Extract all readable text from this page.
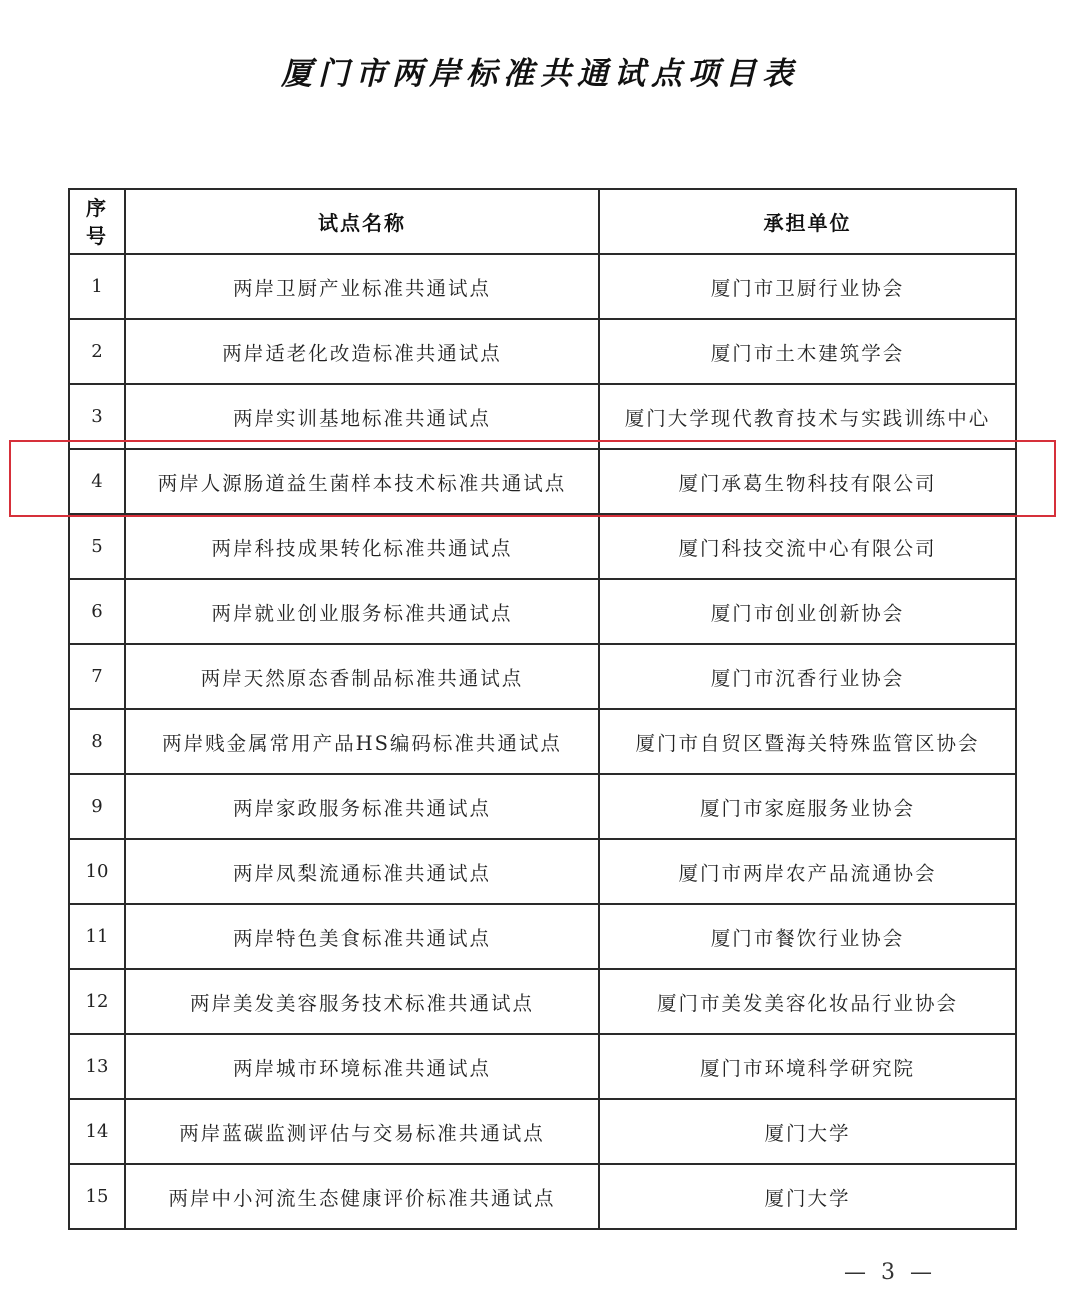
厦门市两岸标准共通试点项目表
序
号	试点名称	承担单位
1	两岸卫厨产业标准共通试点	厦门市卫厨行业协会
2	两岸适老化改造标准共通试点	厦门市土木建筑学会
3	两岸实训基地标准共通试点	厦门大学现代教育技术与实践训练中心
4	两岸人源肠道益生菌样本技术标准共通试点	厦门承葛生物科技有限公司
5	两岸科技成果转化标准共通试点	厦门科技交流中心有限公司
6	两岸就业创业服务标准共通试点	厦门市创业创新协会
7	两岸天然原态香制品标准共通试点	厦门市沉香行业协会
8	两岸贱金属常用产品HS编码标准共通试点	厦门市自贸区暨海关特殊监管区协会
9	两岸家政服务标准共通试点	厦门市家庭服务业协会
10	两岸凤梨流通标准共通试点	厦门市两岸农产品流通协会
11	两岸特色美食标准共通试点	厦门市餐饮行业协会
12	两岸美发美容服务技术标准共通试点	厦门市美发美容化妆品行业协会
13	两岸城市环境标准共通试点	厦门市环境科学研究院
14	两岸蓝碳监测评估与交易标准共通试点	厦门大学
15	两岸中小河流生态健康评价标准共通试点	厦门大学
— 3 —
